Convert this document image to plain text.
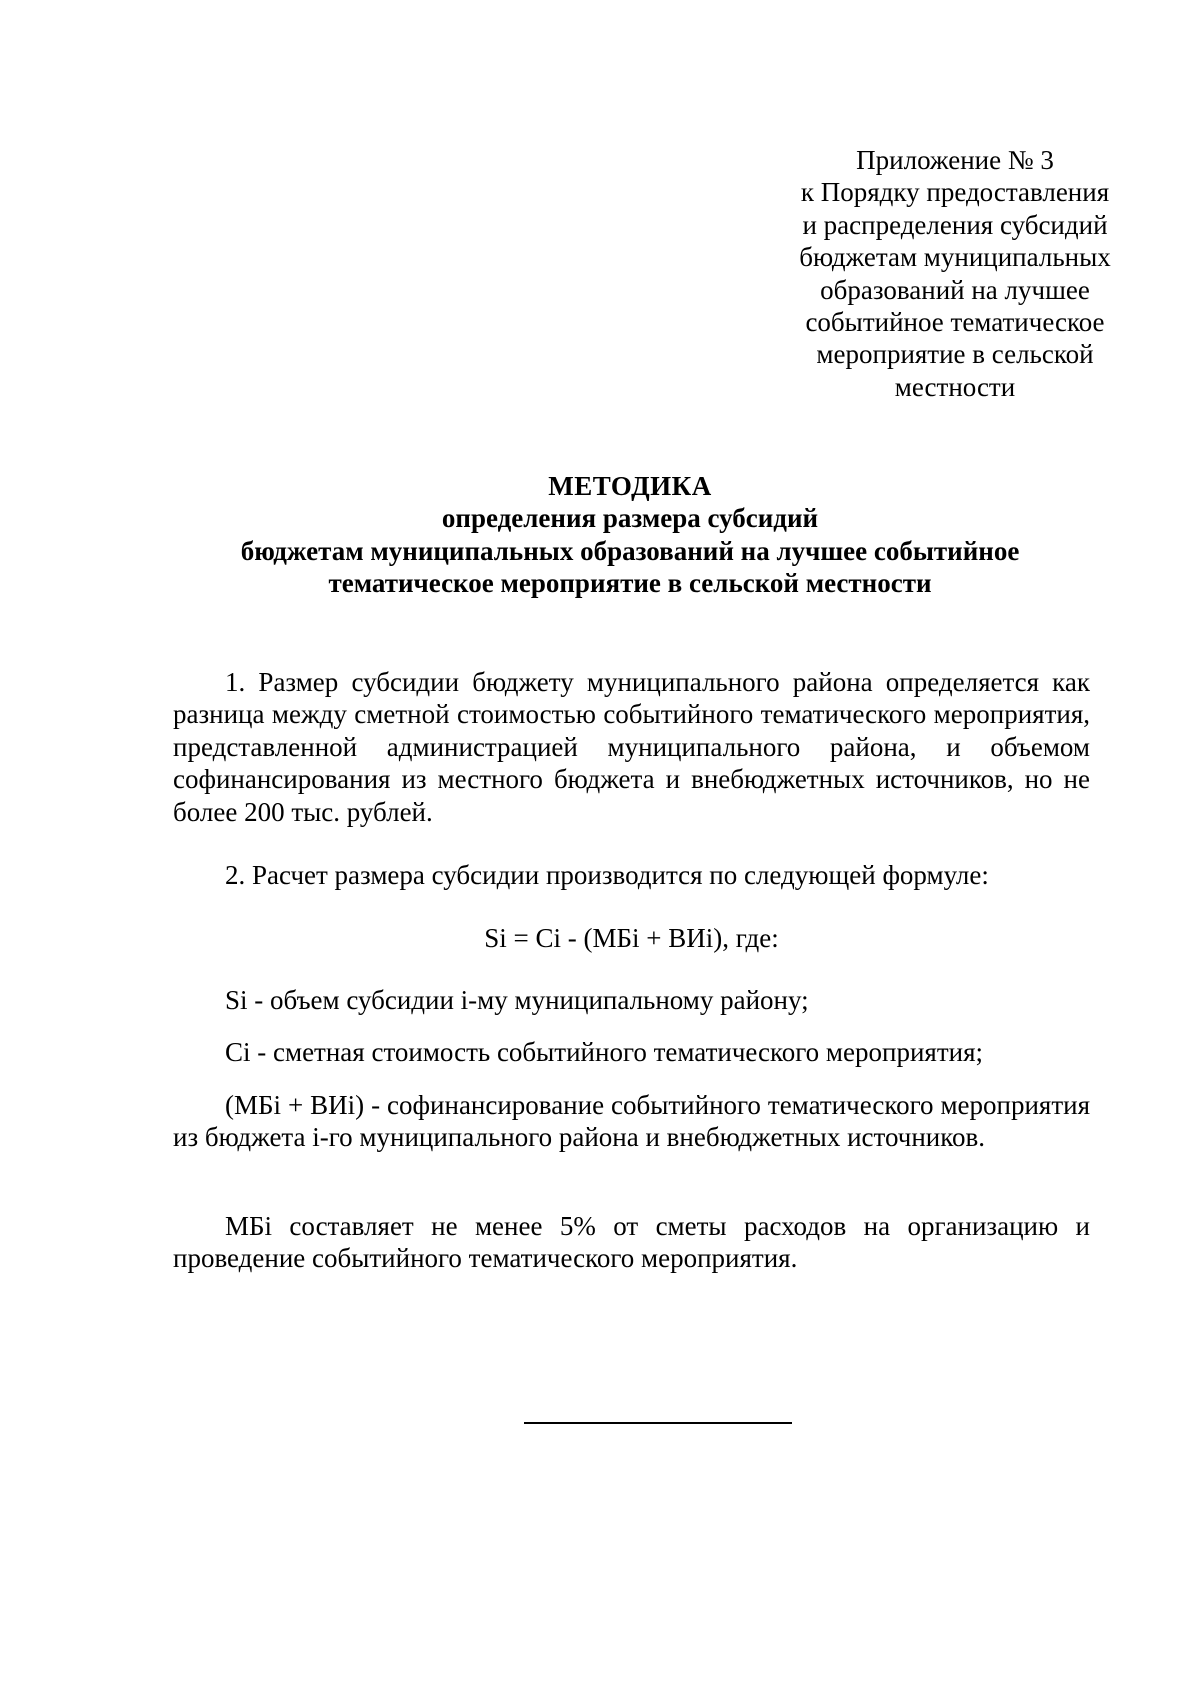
Приложение № 3
к Порядку предоставления
и распределения субсидий
бюджетам муниципальных
образований на лучшее
событийное тематическое
мероприятие в сельской
местности
МЕТОДИКА
определения размера субсидий
бюджетам муниципальных образований на лучшее событийное
тематическое мероприятие в сельской местности
1. Размер субсидии бюджету муниципального района определяется как разница между сметной стоимостью событийного тематического мероприятия, представленной администрацией муниципального района, и объемом софинансирования из местного бюджета и внебюджетных источников, но не более 200 тыс. рублей.
2. Расчет размера субсидии производится по следующей формуле:
Si = Ci - (МБi + ВИi), где:
Si - объем субсидии i-му муниципальному району;
Ci - сметная стоимость событийного тематического мероприятия;
(МБi + ВИi) - софинансирование событийного тематического мероприятия из бюджета i-го муниципального района и внебюджетных источников.
МБi составляет не менее 5% от сметы расходов на организацию и проведение событийного тематического мероприятия.
